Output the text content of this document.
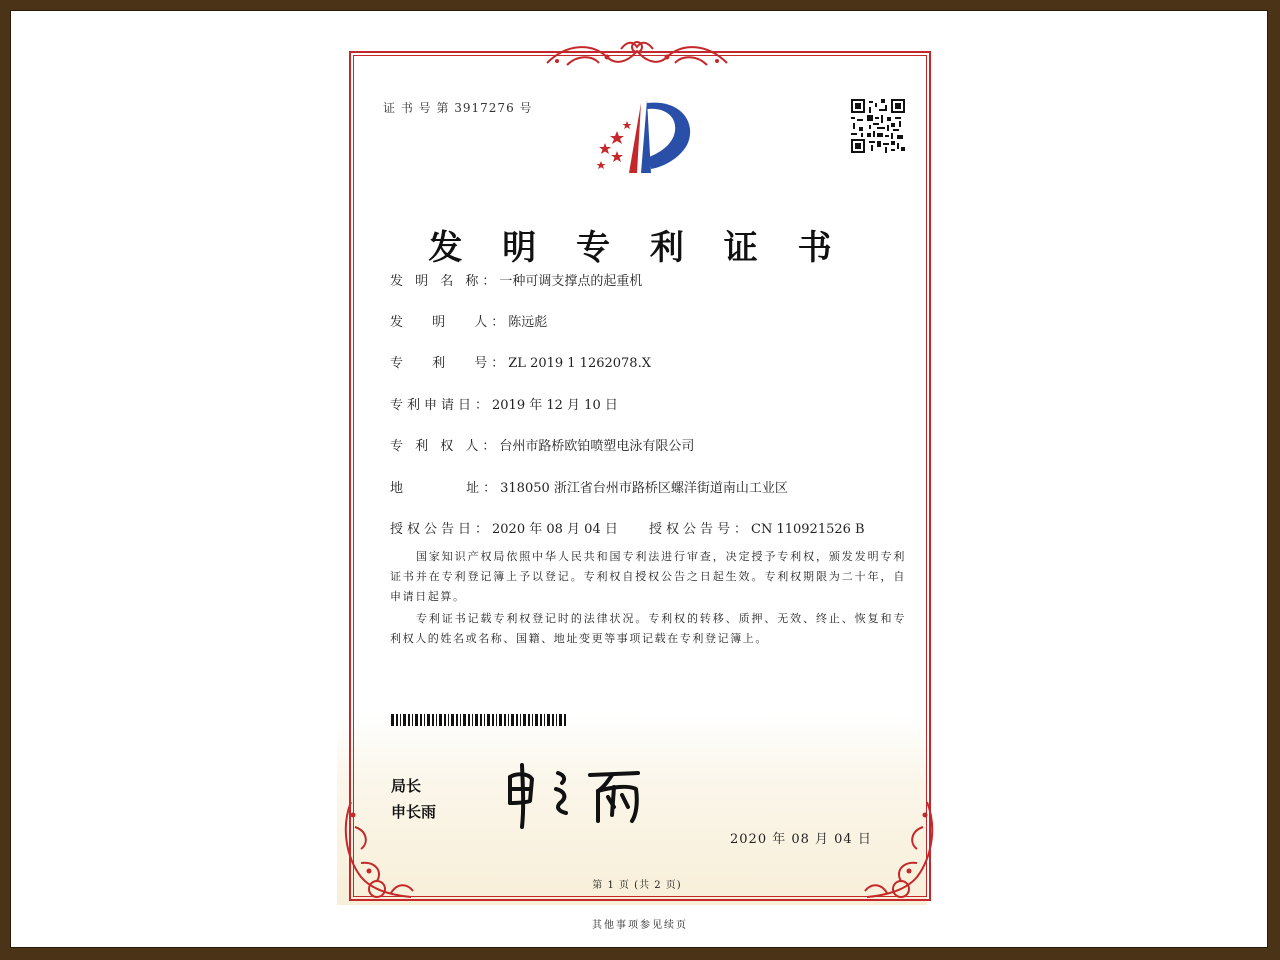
证 书 号 第 3917276 号
发 明 专 利 证 书
发 明 名 称：一种可调支撑点的起重机
发　 明 　人：陈远彪
专 　利　 号：ZL 2019 1 1262078.X
专利申请日：2019 年 12 月 10 日
专 利 权 人：台州市路桥欧铂喷塑电泳有限公司
地　　　 址：318050 浙江省台州市路桥区螺洋街道南山工业区
授权公告日：2020 年 08 月 04 日 授权公告号：CN 110921526 B
国家知识产权局依照中华人民共和国专利法进行审查，决定授予专利权，颁发发明专利证书并在专利登记簿上予以登记。专利权自授权公告之日起生效。专利权期限为二十年，自申请日起算。
专利证书记载专利权登记时的法律状况。专利权的转移、质押、无效、终止、恢复和专利权人的姓名或名称、国籍、地址变更等事项记载在专利登记簿上。
局长
申长雨
2020 年 08 月 04 日
第 1 页 (共 2 页)
其他事项参见续页
